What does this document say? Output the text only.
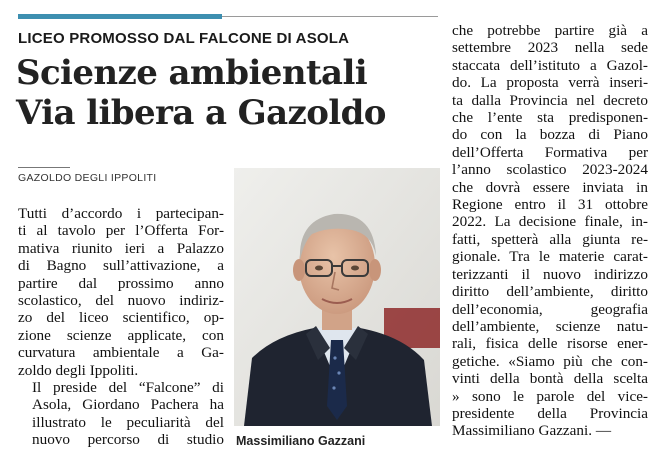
LICEO PROMOSSO DAL FALCONE DI ASOLA
Scienze ambientali
Via libera a Gazoldo
GAZOLDO DEGLI IPPOLITI

Tutti d’accordo i partecipan-
ti al tavolo per l’Offerta For-
mativa riunito ieri a Palazzo
di Bagno sull’attivazione, a
partire dal prossimo anno
scolastico, del nuovo indiriz-
zo del liceo scientifico, op-
zione scienze applicate, con
curvatura ambientale a Ga-
zoldo degli Ippoliti.

Il preside del “Falcone” di
Asola, Giordano Pachera ha
illustrato le peculiarità del
nuovo percorso di studio Massimiliano Gazzani
che potrebbe partire già a
settembre 2023 nella sede
staccata dell’istituto a Gazol-
do. La proposta verrà inseri-
ta dalla Provincia nel decreto
che l’ente sta predisponen-
do con la bozza di Piano
dell’Offerta Formativa per
l’anno scolastico 2023-2024
che dovrà essere inviata in
Regione entro il 31 ottobre
2022. La decisione finale, in-
fatti, spetterà alla giunta re-
gionale. Tra le materie carat-
terizzanti il nuovo indirizzo
diritto dell’ambiente, diritto
dell’economia, geografia
dell’ambiente, scienze natu-
rali, fisica delle risorse ener-
getiche. «Siamo più che con-
vinti della bontà della scelta
» sono le parole del vice-
presidente della Provincia
Massimiliano Gazzani. —
